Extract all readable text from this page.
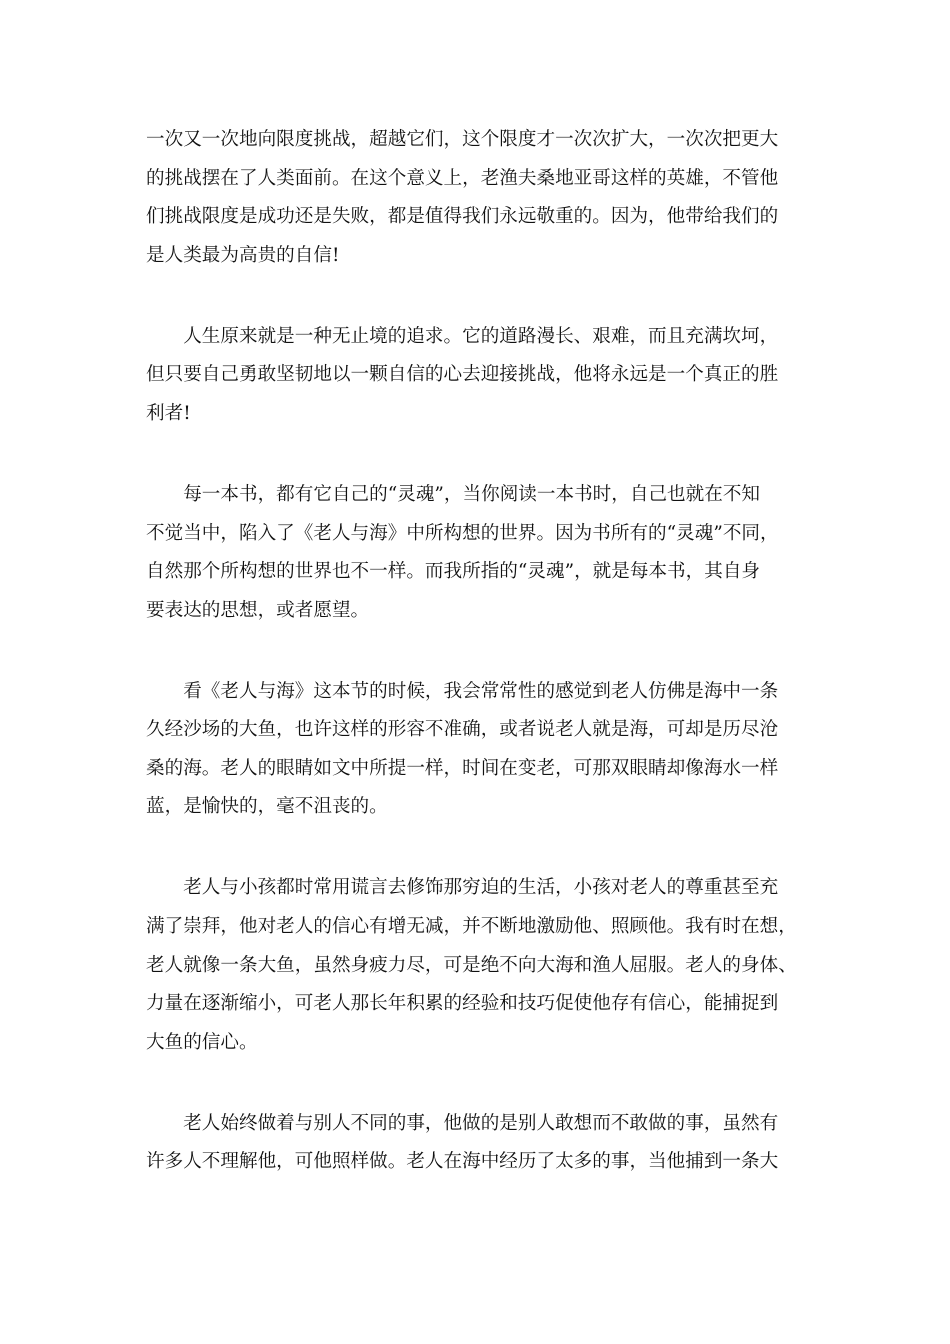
一次又一次地向限度挑战，超越它们，这个限度才一次次扩大，一次次把更大
的挑战摆在了人类面前。在这个意义上，老渔夫桑地亚哥这样的英雄，不管他
们挑战限度是成功还是失败，都是值得我们永远敬重的。因为，他带给我们的
是人类最为高贵的自信!
　　人生原来就是一种无止境的追求。它的道路漫长、艰难，而且充满坎坷，
但只要自己勇敢坚韧地以一颗自信的心去迎接挑战，他将永远是一个真正的胜
利者!
　　每一本书，都有它自己的“灵魂”，当你阅读一本书时，自己也就在不知
不觉当中，陷入了《老人与海》中所构想的世界。因为书所有的“灵魂”不同，
自然那个所构想的世界也不一样。而我所指的“灵魂”，就是每本书，其自身
要表达的思想，或者愿望。
　　看《老人与海》这本节的时候，我会常常性的感觉到老人仿佛是海中一条
久经沙场的大鱼，也许这样的形容不准确，或者说老人就是海，可却是历尽沧
桑的海。老人的眼睛如文中所提一样，时间在变老，可那双眼睛却像海水一样
蓝，是愉快的，毫不沮丧的。
　　老人与小孩都时常用谎言去修饰那穷迫的生活，小孩对老人的尊重甚至充
满了崇拜，他对老人的信心有增无减，并不断地激励他、照顾他。我有时在想，
老人就像一条大鱼，虽然身疲力尽，可是绝不向大海和渔人屈服。老人的身体、
力量在逐渐缩小，可老人那长年积累的经验和技巧促使他存有信心，能捕捉到
大鱼的信心。
　　老人始终做着与别人不同的事，他做的是别人敢想而不敢做的事，虽然有
许多人不理解他，可他照样做。老人在海中经历了太多的事，当他捕到一条大
